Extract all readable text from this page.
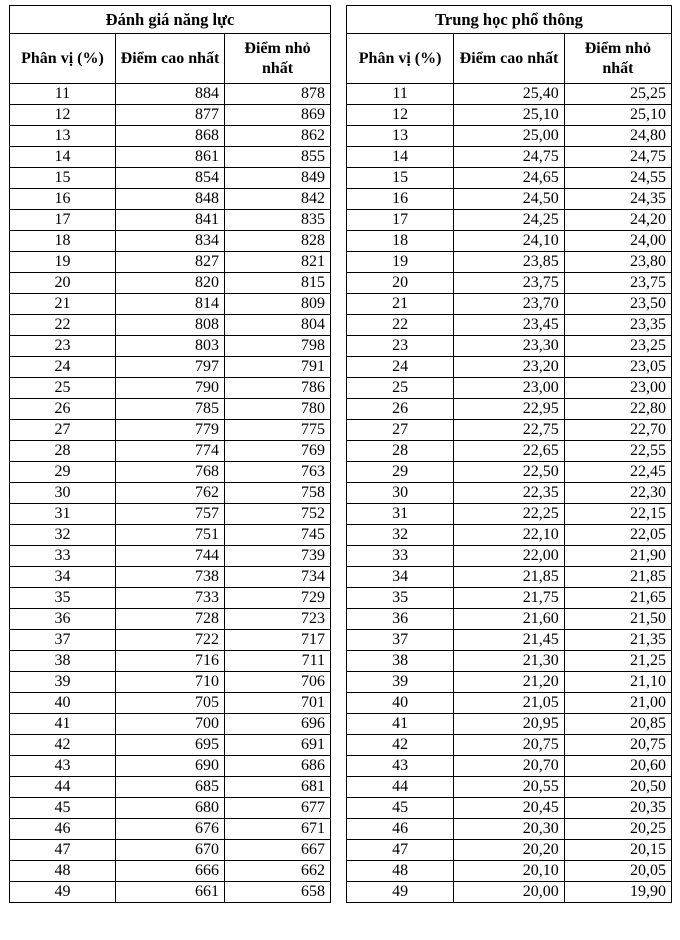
Đánh giá năng lực		
Phân vị (%)	Điểm cao nhất	Điểm nhỏ nhất
11	884	878
12	877	869
13	868	862
14	861	855
15	854	849
16	848	842
17	841	835
18	834	828
19	827	821
20	820	815
21	814	809
22	808	804
23	803	798
24	797	791
25	790	786
26	785	780
27	779	775
28	774	769
29	768	763
30	762	758
31	757	752
32	751	745
33	744	739
34	738	734
35	733	729
36	728	723
37	722	717
38	716	711
39	710	706
40	705	701
41	700	696
42	695	691
43	690	686
44	685	681
45	680	677
46	676	671
47	670	667
48	666	662
49	661	658
Trung học phổ thông		
Phân vị (%)	Điểm cao nhất	Điểm nhỏ nhất
11	25,40	25,25
12	25,10	25,10
13	25,00	24,80
14	24,75	24,75
15	24,65	24,55
16	24,50	24,35
17	24,25	24,20
18	24,10	24,00
19	23,85	23,80
20	23,75	23,75
21	23,70	23,50
22	23,45	23,35
23	23,30	23,25
24	23,20	23,05
25	23,00	23,00
26	22,95	22,80
27	22,75	22,70
28	22,65	22,55
29	22,50	22,45
30	22,35	22,30
31	22,25	22,15
32	22,10	22,05
33	22,00	21,90
34	21,85	21,85
35	21,75	21,65
36	21,60	21,50
37	21,45	21,35
38	21,30	21,25
39	21,20	21,10
40	21,05	21,00
41	20,95	20,85
42	20,75	20,75
43	20,70	20,60
44	20,55	20,50
45	20,45	20,35
46	20,30	20,25
47	20,20	20,15
48	20,10	20,05
49	20,00	19,90
